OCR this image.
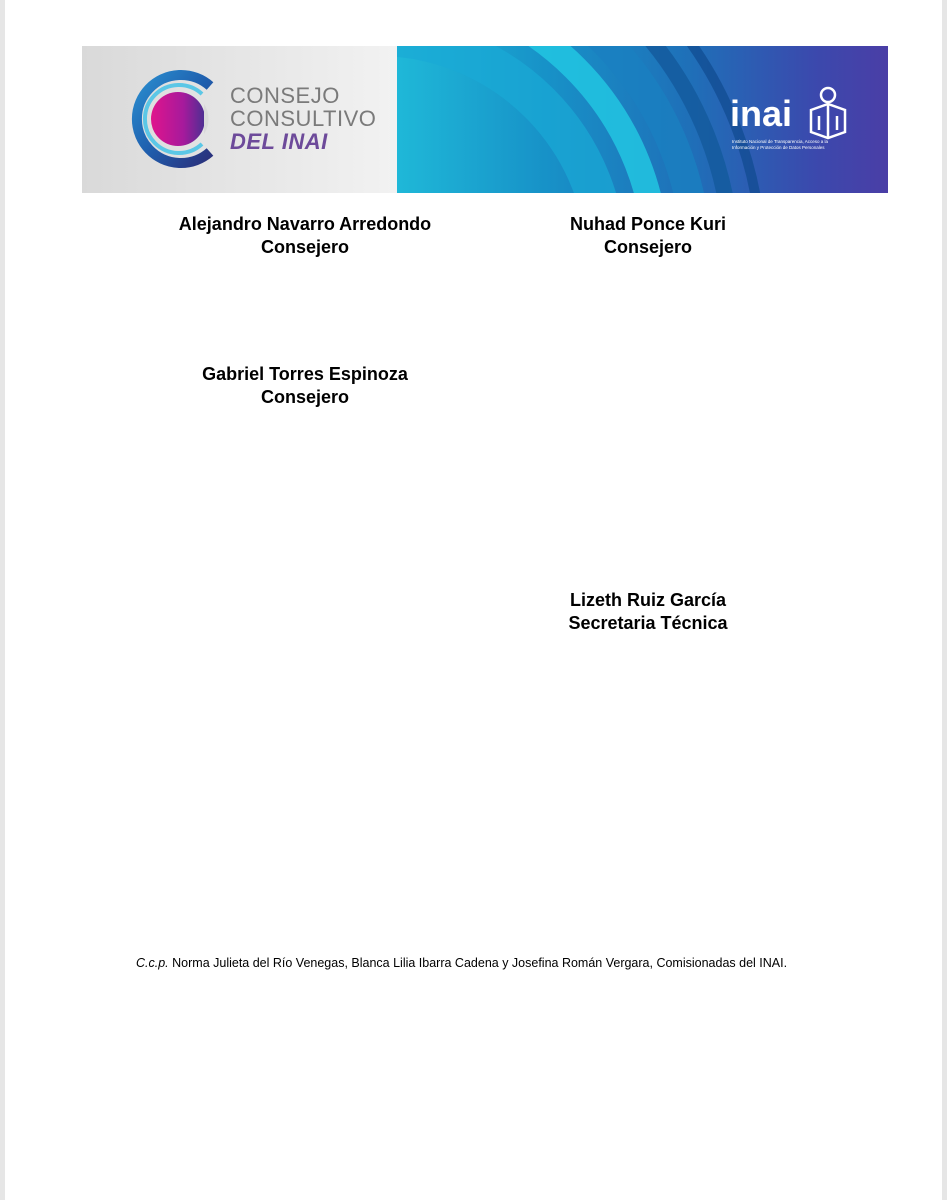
CONSEJO
CONSULTIVO
DEL INAI
inai
Instituto Nacional de Transparencia, Acceso a la Información y Protección de Datos Personales
Alejandro Navarro Arredondo
Consejero
Nuhad Ponce Kuri
Consejero
Gabriel Torres Espinoza
Consejero
Lizeth Ruiz García
Secretaria Técnica
C.c.p. Norma Julieta del Río Venegas, Blanca Lilia Ibarra Cadena y Josefina Román Vergara, Comisionadas del INAI.
